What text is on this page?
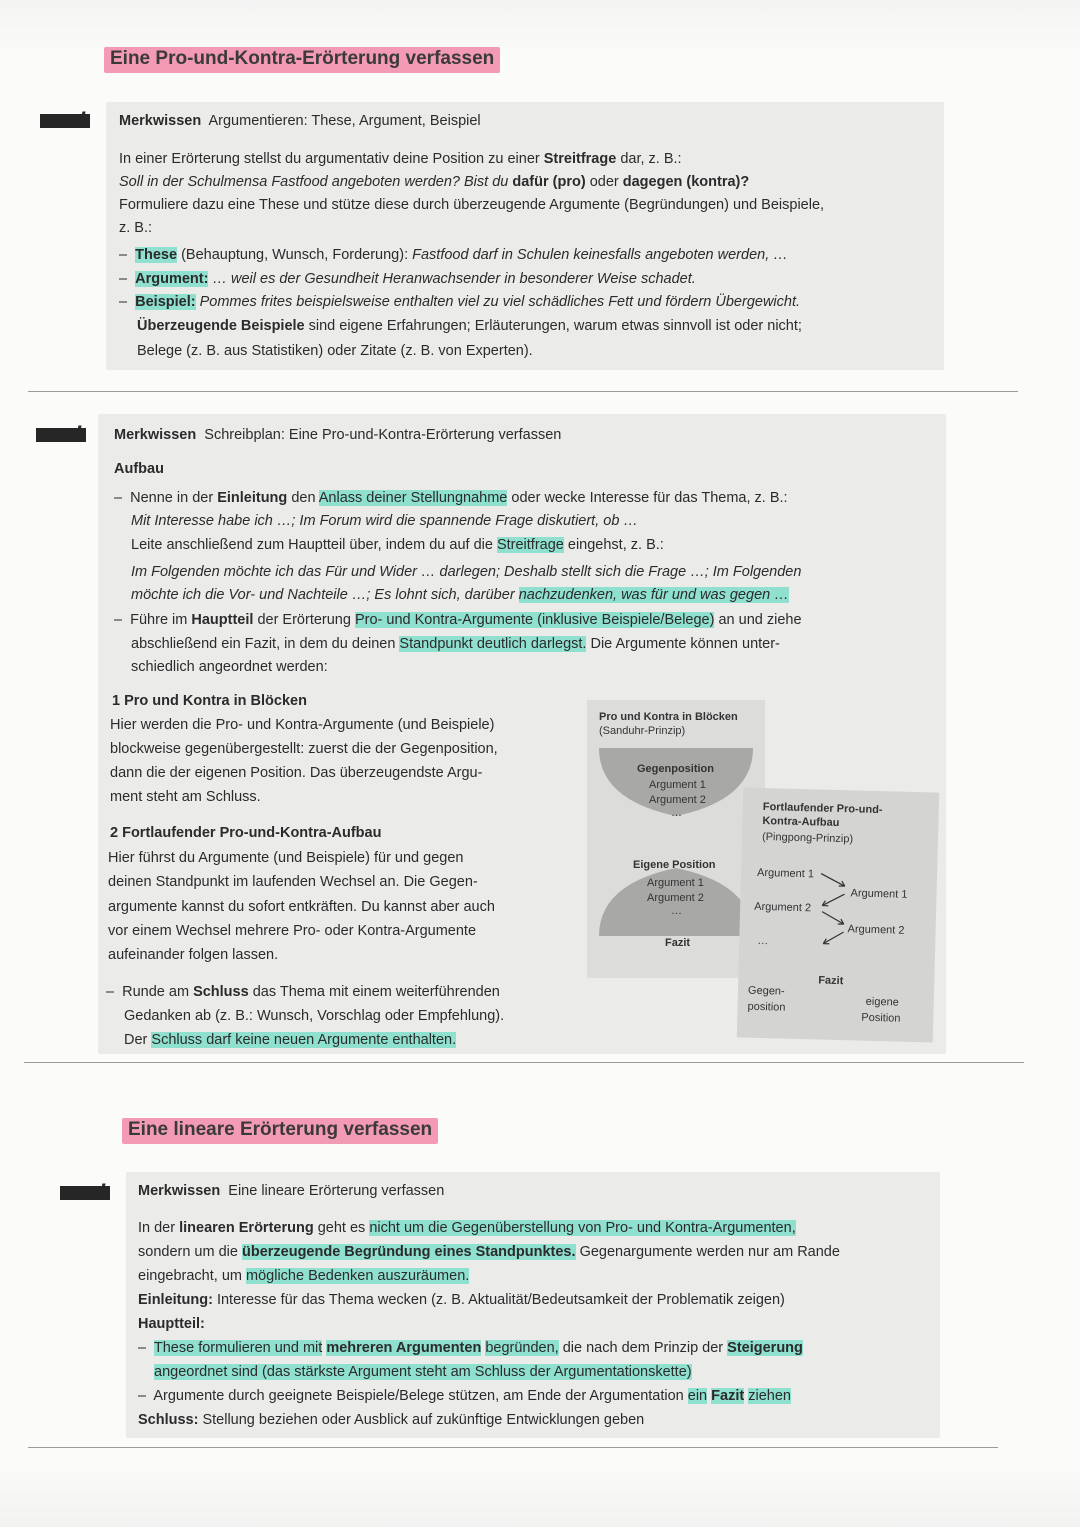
Eine Pro-und-Kontra-Erörterung verfassen
!
Merkwissen Argumentieren: These, Argument, Beispiel
In einer Erörterung stellst du argumentativ deine Position zu einer Streitfrage dar, z. B.:
Soll in der Schulmensa Fastfood angeboten werden? Bist du dafür (pro) oder dagegen (kontra)?
Formuliere dazu eine These und stütze diese durch überzeugende Argumente (Begründungen) und Beispiele,
z. B.:
–  These (Behauptung, Wunsch, Forderung): Fastfood darf in Schulen keinesfalls angeboten werden, …
–  Argument: … weil es der Gesundheit Heranwachsender in besonderer Weise schadet.
–  Beispiel: Pommes frites beispielsweise enthalten viel zu viel schädliches Fett und fördern Übergewicht.
Überzeugende Beispiele sind eigene Erfahrungen; Erläuterungen, warum etwas sinnvoll ist oder nicht;
Belege (z. B. aus Statistiken) oder Zitate (z. B. von Experten).
!
Merkwissen Schreibplan: Eine Pro-und-Kontra-Erörterung verfassen
Aufbau
–  Nenne in der Einleitung den Anlass deiner Stellungnahme oder wecke Interesse für das Thema, z. B.:
Mit Interesse habe ich …; Im Forum wird die spannende Frage diskutiert, ob …
Leite anschließend zum Hauptteil über, indem du auf die Streitfrage eingehst, z. B.:
Im Folgenden möchte ich das Für und Wider … darlegen; Deshalb stellt sich die Frage …; Im Folgenden
möchte ich die Vor- und Nachteile …; Es lohnt sich, darüber nachzudenken, was für und was gegen …
–  Führe im Hauptteil der Erörterung Pro- und Kontra-Argumente (inklusive Beispiele/Belege) an und ziehe
abschließend ein Fazit, in dem du deinen Standpunkt deutlich darlegst. Die Argumente können unter-
schiedlich angeordnet werden:
1 Pro und Kontra in Blöcken
Hier werden die Pro- und Kontra-Argumente (und Beispiele)
blockweise gegenübergestellt: zuerst die der Gegenposition,
dann die der eigenen Position. Das überzeugendste Argu-
ment steht am Schluss.
2 Fortlaufender Pro-und-Kontra-Aufbau
Hier führst du Argumente (und Beispiele) für und gegen
deinen Standpunkt im laufenden Wechsel an. Die Gegen-
argumente kannst du sofort entkräften. Du kannst aber auch
vor einem Wechsel mehrere Pro- oder Kontra-Argumente
aufeinander folgen lassen.
–  Runde am Schluss das Thema mit einem weiterführenden
Gedanken ab (z. B.: Wunsch, Vorschlag oder Empfehlung).
Der Schluss darf keine neuen Argumente enthalten.
Pro und Kontra in Blöcken
(Sanduhr-Prinzip)
Gegenposition
Argument 1
Argument 2
…
Eigene Position
Argument 1
Argument 2
…
Fazit
Fortlaufender Pro-und-
Kontra-Aufbau
(Pingpong-Prinzip)
Argument 1
Argument 1
Argument 2
Argument 2
…
Fazit
Gegen-
position	eigene
Position
Eine lineare Erörterung verfassen
!
Merkwissen Eine lineare Erörterung verfassen
In der linearen Erörterung geht es nicht um die Gegenüberstellung von Pro- und Kontra-Argumenten,
sondern um die überzeugende Begründung eines Standpunktes. Gegenargumente werden nur am Rande
eingebracht, um mögliche Bedenken auszuräumen.
Einleitung: Interesse für das Thema wecken (z. B. Aktualität/Bedeutsamkeit der Problematik zeigen)
Hauptteil:
–  These formulieren und mit mehreren Argumenten begründen, die nach dem Prinzip der Steigerung
angeordnet sind (das stärkste Argument steht am Schluss der Argumentationskette)
–  Argumente durch geeignete Beispiele/Belege stützen, am Ende der Argumentation ein Fazit ziehen
Schluss: Stellung beziehen oder Ausblick auf zukünftige Entwicklungen geben
